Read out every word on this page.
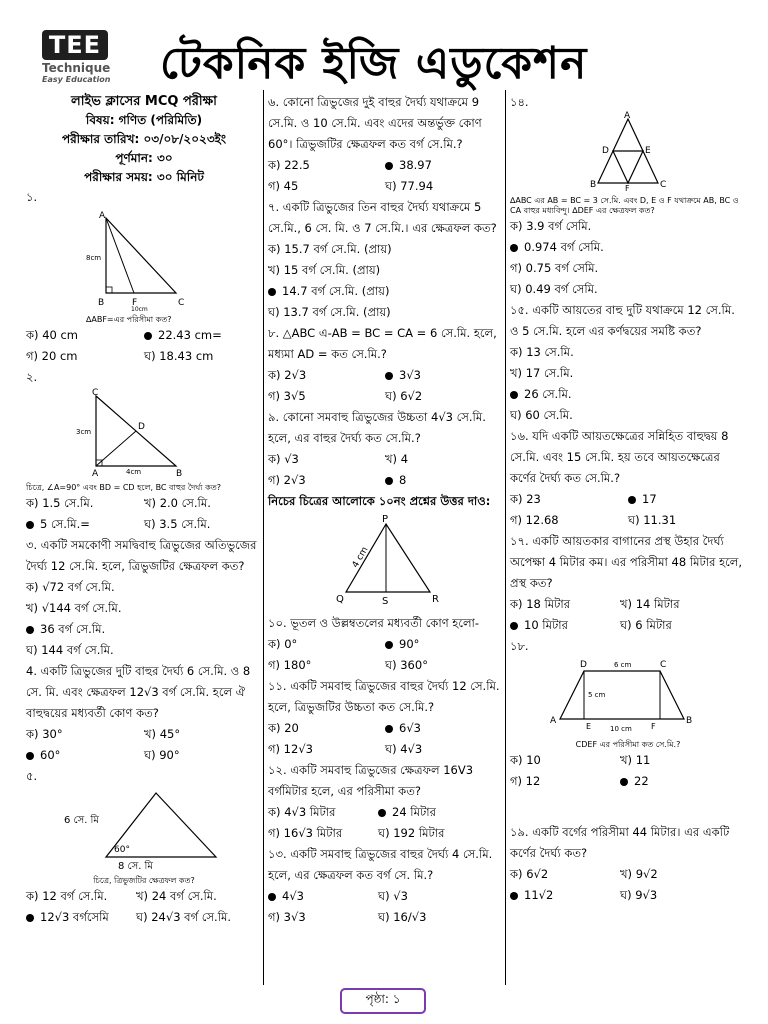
TEE
Technique
Easy Education টেকনিক ইজি এডুকেশন
লাইভ ক্লাসের MCQ পরীক্ষা
বিষয়: গণিত (পরিমিতি)
পরীক্ষার তারিখ: ০৩/০৮/২০২৩ইং
পূর্ণমান: ৩০
পরীক্ষার সময়: ৩০ মিনিট
১.
A
B	C
F
8cm
10cm
∆ABF=এর পরিসীমা কত?
ক) 40 cm	22.43 cm=
গ) 20 cm	ঘ) 18.43 cm
২.
C
D
A	B
3cm
4cm
চিত্রে, ∠A=90° এবং BD = CD হলে, BC বাহুর দৈর্ঘ্য কত?
ক) 1.5 সে.মি.	খ) 2.0 সে.মি.
5 সে.মি.=	ঘ) 3.5 সে.মি.

৩. একটি সমকোণী সমদ্বিবাহু ত্রিভুজের অতিভুজের দৈর্ঘ্য 12 সে.মি. হলে, ত্রিভুজটির ক্ষেত্রফল কত?

ক) √72 বর্গ সে.মি.
খ) √144 বর্গ সে.মি.
36 বর্গ সে.মি.
ঘ) 144 বর্গ সে.মি.

4. একটি ত্রিভুজের দুটি বাহুর দৈর্ঘ্য 6 সে.মি. ও 8 সে. মি. এবং ক্ষেত্রফল 12√3 বর্গ সে.মি. হলে ঐ বাহুদ্বয়ের মধ্যবর্তী কোণ কত?

ক) 30°	খ) 45°
60°	ঘ) 90°
৫.
6 সে. মি
60°
8 সে. মি
চিত্রে, ত্রিভুজটির ক্ষেত্রফল কত?
ক) 12 বর্গ সে.মি.	খ) 24 বর্গ সে.মি.
12√3 বর্গসেমি	ঘ) 24√3 বর্গ সে.মি.

৬. কোনো ত্রিভুজের দুই বাহুর দৈর্ঘ্য যথাক্রমে 9 সে.মি. ও 10 সে.মি. এবং এদের অন্তর্ভুক্ত কোণ 60°। ত্রিভুজটির ক্ষেত্রফল কত বর্গ সে.মি.?

ক) 22.5	38.97
গ) 45	ঘ) 77.94

৭. একটি ত্রিভুজের তিন বাহুর দৈর্ঘ্য যথাক্রমে 5 সে.মি., 6 সে. মি. ও 7 সে.মি.। এর ক্ষেত্রফল কত?

ক) 15.7 বর্গ সে.মি. (প্রায়)
খ) 15 বর্গ সে.মি. (প্রায়)
14.7 বর্গ সে.মি. (প্রায়)
ঘ) 13.7 বর্গ সে.মি. (প্রায়)

৮. △ABC এ-AB = BC = CA = 6 সে.মি. হলে, মধ্যমা AD = কত সে.মি.?

ক) 2√3	3√3
গ) 3√5	ঘ) 6√2

৯. কোনো সমবাহু ত্রিভুজের উচ্চতা 4√3 সে.মি. হলে, এর বাহুর দৈর্ঘ্য কত সে.মি.?

ক) √3	খ) 4
গ) 2√3	8

নিচের চিত্রের আলোকে ১০নং প্রশ্নের উত্তর দাও:

P
Q	S	R
4 cm

১০. ভূতল ও উল্লম্বতলের মধ্যবর্তী কোণ হলো-

ক) 0°	90°
গ) 180°	ঘ) 360°

১১. একটি সমবাহু ত্রিভুজের বাহুর দৈর্ঘ্য 12 সে.মি. হলে, ত্রিভুজটির উচ্চতা কত সে.মি.?

ক) 20	6√3
গ) 12√3	ঘ) 4√3

১২. একটি সমবাহু ত্রিভুজের ক্ষেত্রফল 16V3 বর্গমিটার হলে, এর পরিসীমা কত?

ক) 4√3 মিটার	24 মিটার
গ) 16√3 মিটার	ঘ) 192 মিটার

১৩. একটি সমবাহু ত্রিভুজের বাহুর দৈর্ঘ্য 4 সে.মি. হলে, এর ক্ষেত্রফল কত বর্গ সে. মি.?

4√3	ঘ) √3
গ) 3√3	ঘ) 16/√3
১৪.
A
D	E
B	C
F
∆ABC এর AB = BC = 3 সে.মি. এবং D, E ও F যথাক্রমে AB, BC ও CA বাহুর মধ্যবিন্দু। ∆DEF এর ক্ষেত্রফল কত?
ক) 3.9 বর্গ সেমি.
0.974 বর্গ সেমি.
গ) 0.75 বর্গ সেমি.
ঘ) 0.49 বর্গ সেমি.

১৫. একটি আয়তের বাহু দুটি যথাক্রমে 12 সে.মি. ও 5 সে.মি. হলে এর কর্ণদ্বয়ের সমষ্টি কত?

ক) 13 সে.মি.
খ) 17 সে.মি.
26 সে.মি.
ঘ) 60 সে.মি.

১৬. যদি একটি আয়তক্ষেত্রের সন্নিহিত বাহুদ্বয় 8 সে.মি. এবং 15 সে.মি. হয় তবে আয়তক্ষেত্রের কর্ণের দৈর্ঘ্য কত সে.মি.?

ক) 23	17
গ) 12.68	ঘ) 11.31

১৭. একটি আয়তকার বাগানের প্রস্থ উহার দৈর্ঘ্য অপেক্ষা 4 মিটার কম। এর পরিসীমা 48 মিটার হলে, প্রস্থ কত?

ক) 18 মিটার	খ) 14 মিটার
10 মিটার	ঘ) 6 মিটার
১৮.
D	C
A	B
E	F
6 cm
5 cm
10 cm
CDEF এর পরিসীমা কত সে.মি.?
ক) 10	খ) 11
গ) 12	22

১৯. একটি বর্গের পরিসীমা 44 মিটার। এর একটি কর্ণের দৈর্ঘ্য কত?

ক) 6√2	খ) 9√2
11√2	ঘ) 9√3
পৃষ্ঠা: ১
